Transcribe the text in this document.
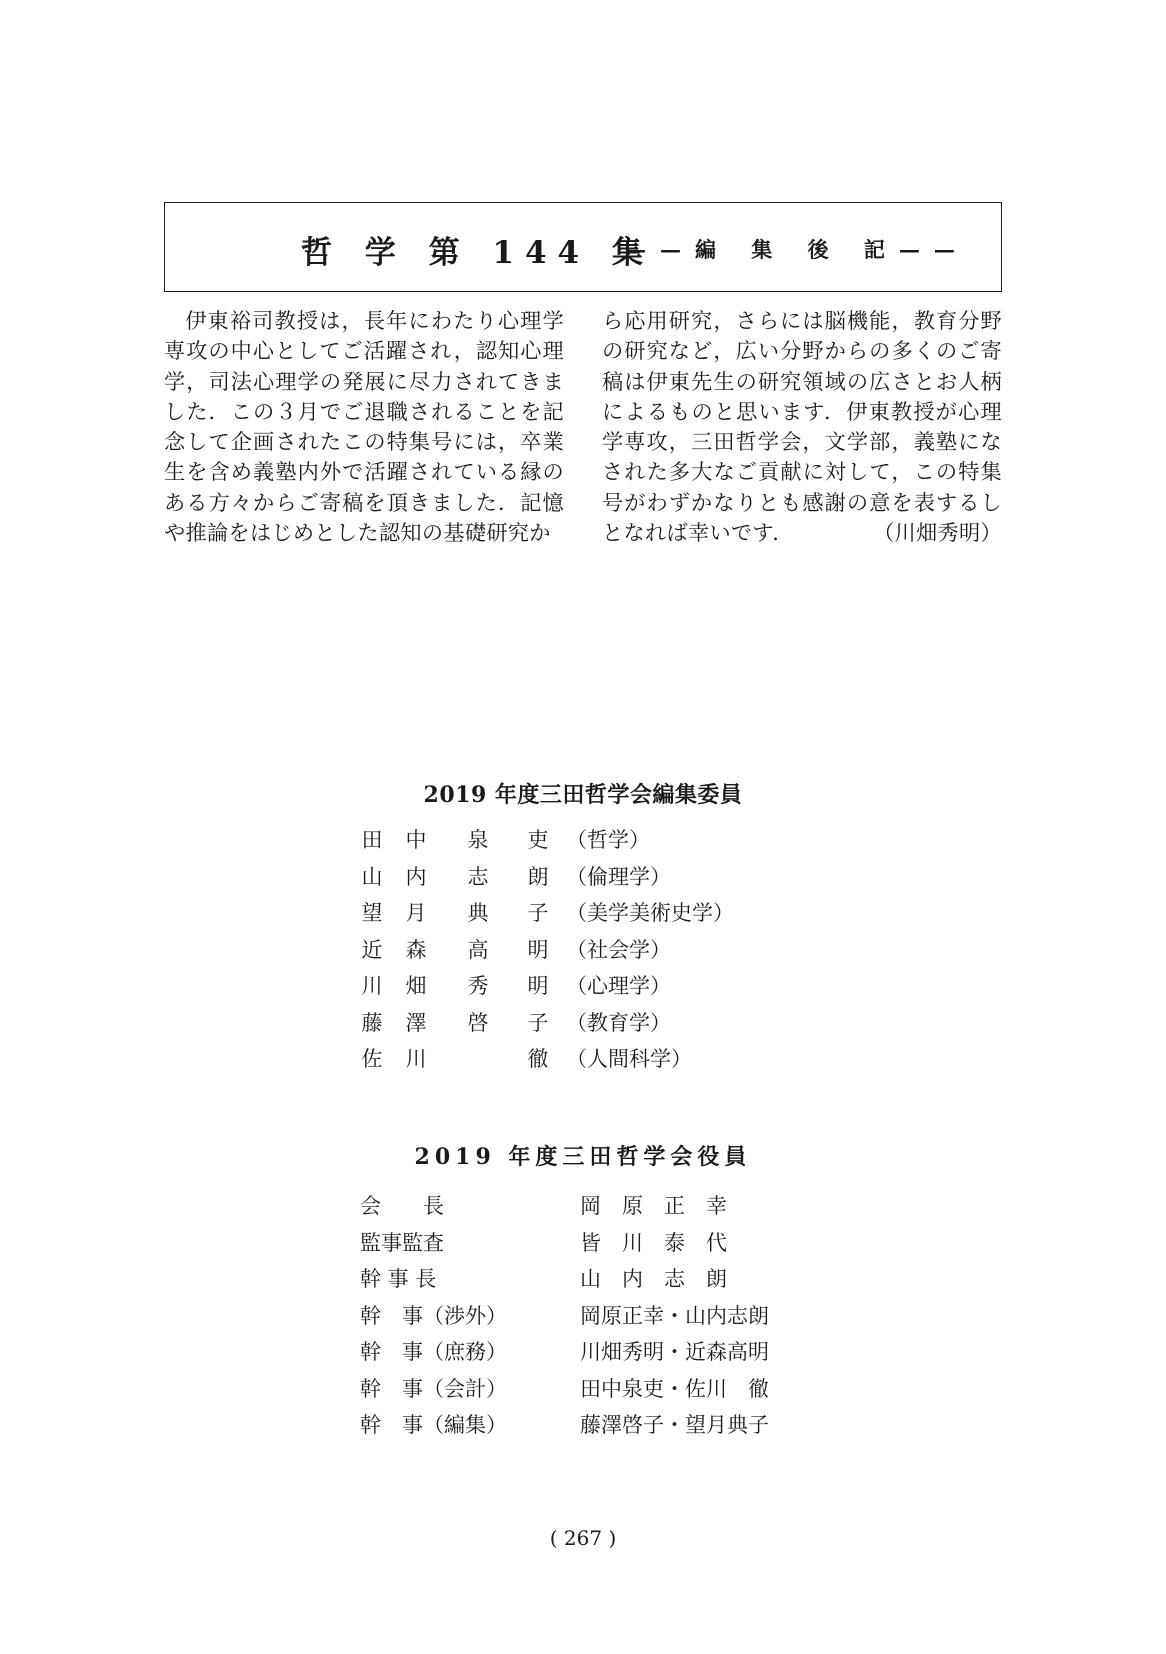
哲 学 第 144 集
——編 集 後 記——

伊東裕司教授は，長年にわたり心理学専攻の中心としてご活躍され，認知心理学，司法心理学の発展に尽力されてきました．この３月でご退職されることを記念して企画されたこの特集号には，卒業生を含め義塾内外で活躍されている縁のある方々からご寄稿を頂きました．記憶や推論をはじめとした認知の基礎研究か

ら応用研究，さらには脳機能，教育分野の研究など，広い分野からの多くのご寄稿は伊東先生の研究領域の広さとお人柄によるものと思います．伊東教授が心理学専攻，三田哲学会，文学部，義塾になされた多大なご貢献に対して，この特集号がわずかなりとも感謝の意を表するしとなれば幸いです．	（川畑秀明）

2019 年度三田哲学会編集委員
田 中 泉 吏 （哲学）
山 内 志 朗 （倫理学）
望 月 典 子 （美学美術史学）
近 森 高 明 （社会学）
川 畑 秀 明 （心理学）
藤 澤 啓 子 （教育学）
佐 川	徹 （人間科学）
2019 年度三田哲学会役員
会　　長	岡　原　正　幸
監事監査	皆　川　泰　代
幹 事 長	山　内　志　朗
幹　事（渉外）	岡原正幸・山内志朗
幹　事（庶務）	川畑秀明・近森高明
幹　事（会計）	田中泉吏・佐川　徹
幹　事（編集）	藤澤啓子・望月典子
( 267 )
